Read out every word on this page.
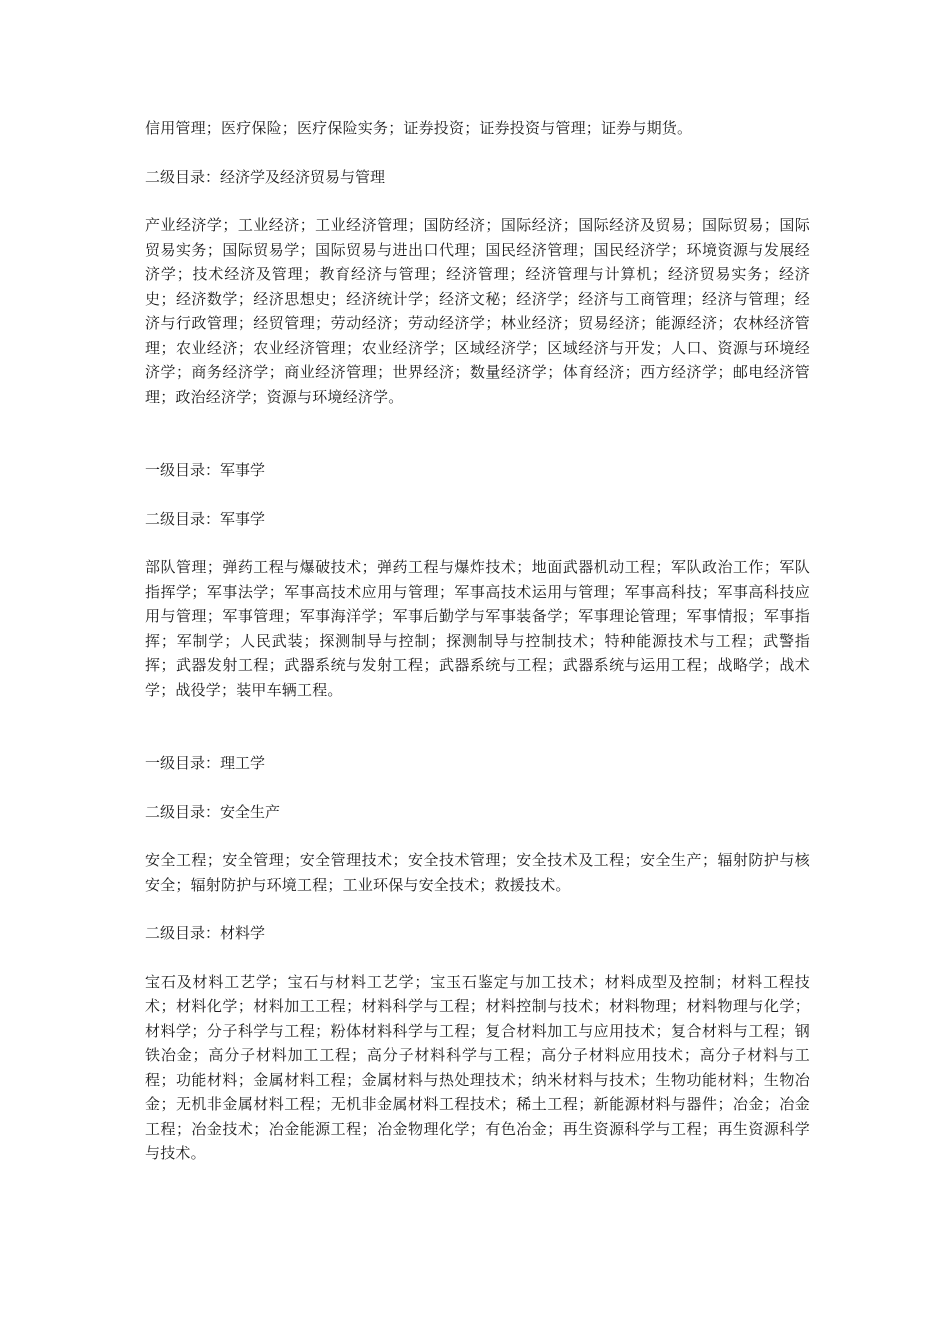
信用管理；医疗保险；医疗保险实务；证券投资；证券投资与管理；证券与期货。

二级目录：经济学及经济贸易与管理

产业经济学；工业经济；工业经济管理；国防经济；国际经济；国际经济及贸易；国际贸易；国际贸易实务；国际贸易学；国际贸易与进出口代理；国民经济管理；国民经济学；环境资源与发展经济学；技术经济及管理；教育经济与管理；经济管理；经济管理与计算机；经济贸易实务；经济史；经济数学；经济思想史；经济统计学；经济文秘；经济学；经济与工商管理；经济与管理；经济与行政管理；经贸管理；劳动经济；劳动经济学；林业经济；贸易经济；能源经济；农林经济管理；农业经济；农业经济管理；农业经济学；区域经济学；区域经济与开发；人口、资源与环境经济学；商务经济学；商业经济管理；世界经济；数量经济学；体育经济；西方经济学；邮电经济管理；政治经济学；资源与环境经济学。

一级目录：军事学

二级目录：军事学

部队管理；弹药工程与爆破技术；弹药工程与爆炸技术；地面武器机动工程；军队政治工作；军队指挥学；军事法学；军事高技术应用与管理；军事高技术运用与管理；军事高科技；军事高科技应用与管理；军事管理；军事海洋学；军事后勤学与军事装备学；军事理论管理；军事情报；军事指挥；军制学；人民武装；探测制导与控制；探测制导与控制技术；特种能源技术与工程；武警指挥；武器发射工程；武器系统与发射工程；武器系统与工程；武器系统与运用工程；战略学；战术学；战役学；装甲车辆工程。

一级目录：理工学

二级目录：安全生产

安全工程；安全管理；安全管理技术；安全技术管理；安全技术及工程；安全生产；辐射防护与核安全；辐射防护与环境工程；工业环保与安全技术；救援技术。

二级目录：材料学

宝石及材料工艺学；宝石与材料工艺学；宝玉石鉴定与加工技术；材料成型及控制；材料工程技术；材料化学；材料加工工程；材料科学与工程；材料控制与技术；材料物理；材料物理与化学；材料学；分子科学与工程；粉体材料科学与工程；复合材料加工与应用技术；复合材料与工程；钢铁冶金；高分子材料加工工程；高分子材料科学与工程；高分子材料应用技术；高分子材料与工程；功能材料；金属材料工程；金属材料与热处理技术；纳米材料与技术；生物功能材料；生物冶金；无机非金属材料工程；无机非金属材料工程技术；稀土工程；新能源材料与器件；冶金；冶金工程；冶金技术；冶金能源工程；冶金物理化学；有色冶金；再生资源科学与工程；再生资源科学与技术。
